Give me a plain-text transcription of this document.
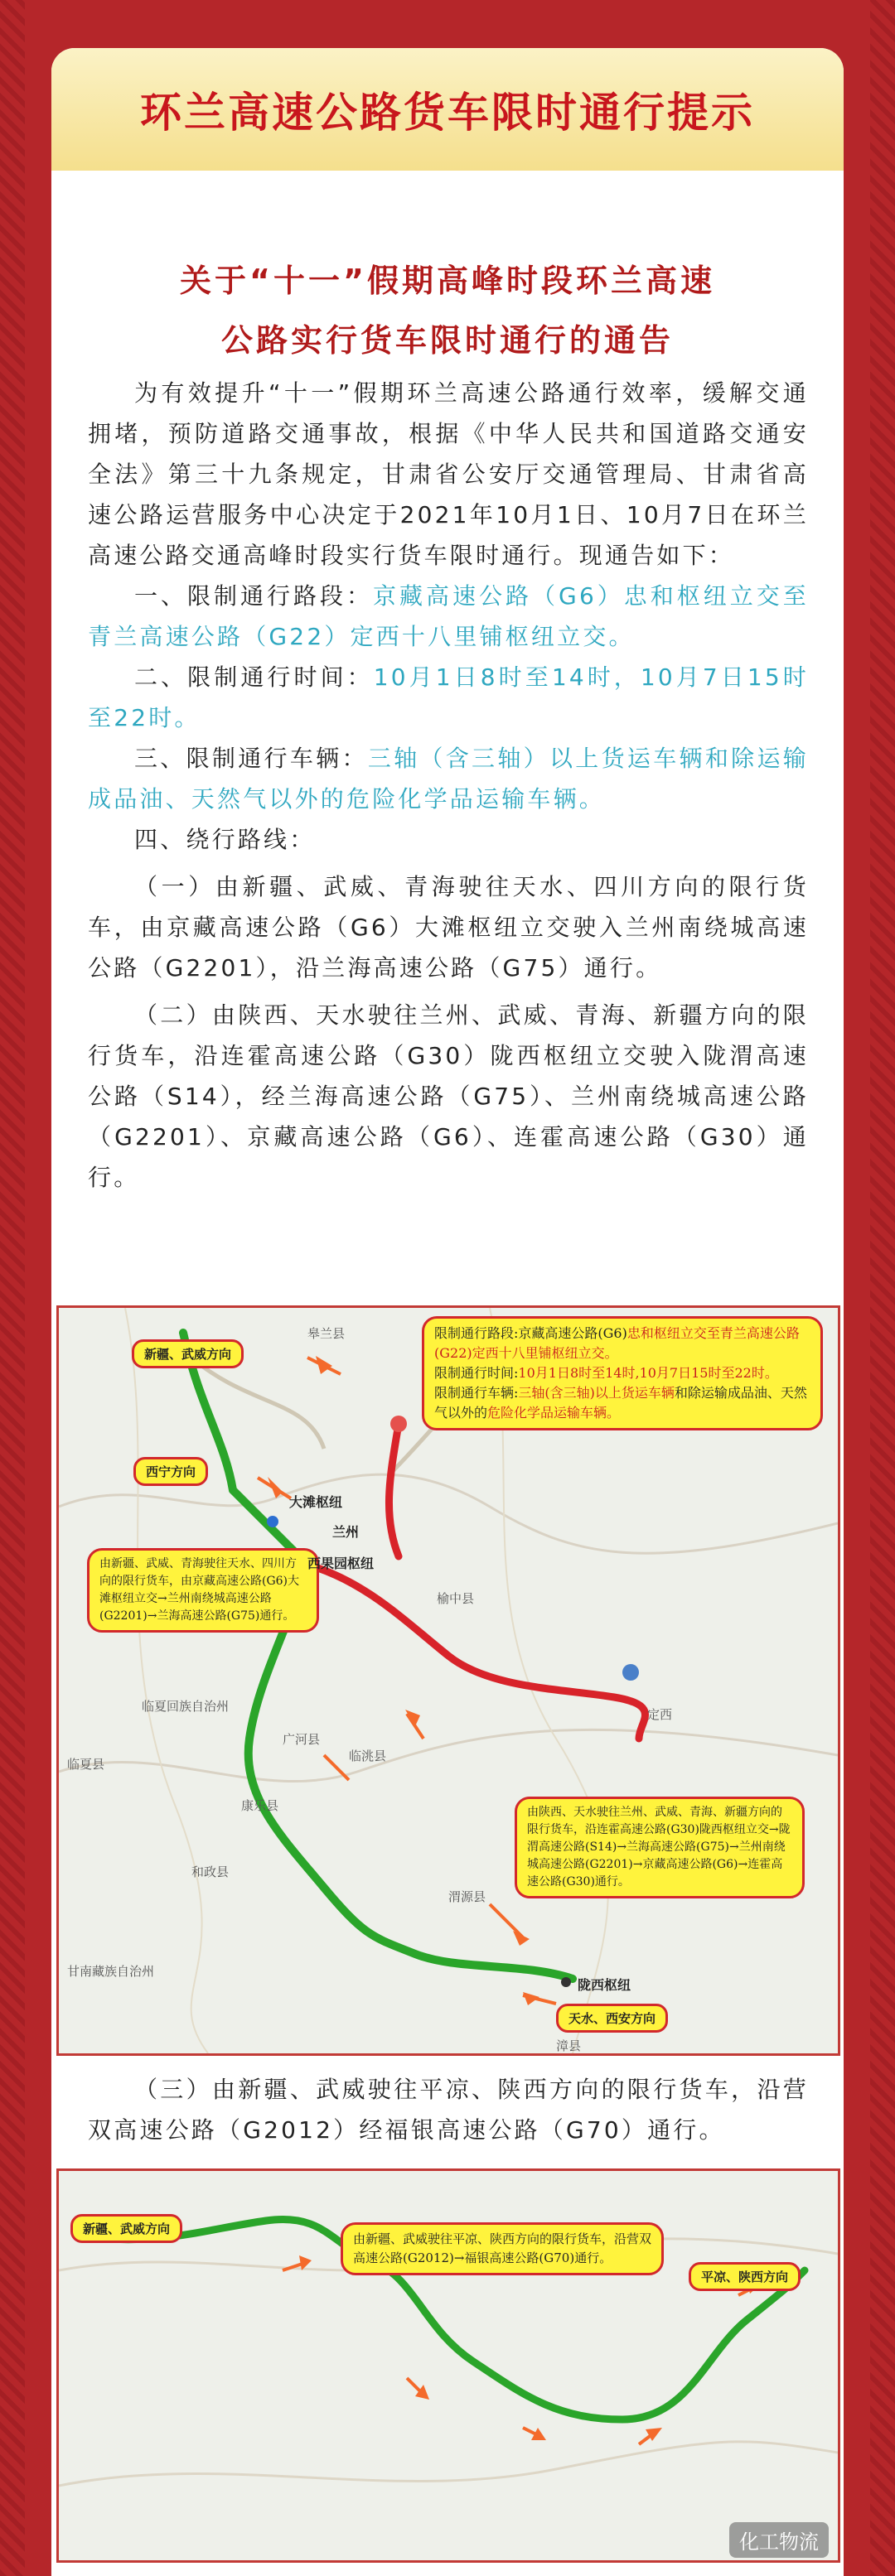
环兰高速公路货车限时通行提示
关于“十一”假期高峰时段环兰高速
公路实行货车限时通行的通告

为有效提升“十一”假期环兰高速公路通行效率，缓解交通拥堵，预防道路交通事故，根据《中华人民共和国道路交通安全法》第三十九条规定，甘肃省公安厅交通管理局、甘肃省高速公路运营服务中心决定于2021年10月1日、10月7日在环兰高速公路交通高峰时段实行货车限时通行。现通告如下：

一、限制通行路段：京藏高速公路（G6）忠和枢纽立交至青兰高速公路（G22）定西十八里铺枢纽立交。

二、限制通行时间：10月1日8时至14时，10月7日15时至22时。

三、限制通行车辆：三轴（含三轴）以上货运车辆和除运输成品油、天然气以外的危险化学品运输车辆。

四、绕行路线：

（一）由新疆、武威、青海驶往天水、四川方向的限行货车，由京藏高速公路（G6）大滩枢纽立交驶入兰州南绕城高速公路（G2201），沿兰海高速公路（G75）通行。

（二）由陕西、天水驶往兰州、武威、青海、新疆方向的限行货车，沿连霍高速公路（G30）陇西枢纽立交驶入陇渭高速公路（S14），经兰海高速公路（G75）、兰州南绕城高速公路（G2201）、京藏高速公路（G6）、连霍高速公路（G30）通行。

新疆、武威方向
西宁方向
天水、西安方向
限制通行路段:京藏高速公路(G6)忠和枢纽立交至青兰高速公路(G22)定西十八里铺枢纽立交。
限制通行时间:10月1日8时至14时,10月7日15时至22时。
限制通行车辆:三轴(含三轴)以上货运车辆和除运输成品油、天然气以外的危险化学品运输车辆。
由新疆、武威、青海驶往天水、四川方向的限行货车，由京藏高速公路(G6)大滩枢纽立交→兰州南绕城高速公路(G2201)→兰海高速公路(G75)通行。
由陕西、天水驶往兰州、武威、青海、新疆方向的限行货车，沿连霍高速公路(G30)陇西枢纽立交→陇渭高速公路(S14)→兰海高速公路(G75)→兰州南绕城高速公路(G2201)→京藏高速公路(G6)→连霍高速公路(G30)通行。
大滩枢纽
兰州
西果园枢纽
榆中县
定西
陇西枢纽
临夏回族自治州
康乐县
临洮县
渭源县
漳县
甘南藏族自治州
和政县
广河县
临夏县
皋兰县

（三）由新疆、武威驶往平凉、陕西方向的限行货车，沿营双高速公路（G2012）经福银高速公路（G70）通行。

新疆、武威方向
平凉、陕西方向
由新疆、武威驶往平凉、陕西方向的限行货车，沿营双高速公路(G2012)→福银高速公路(G70)通行。
化工物流
